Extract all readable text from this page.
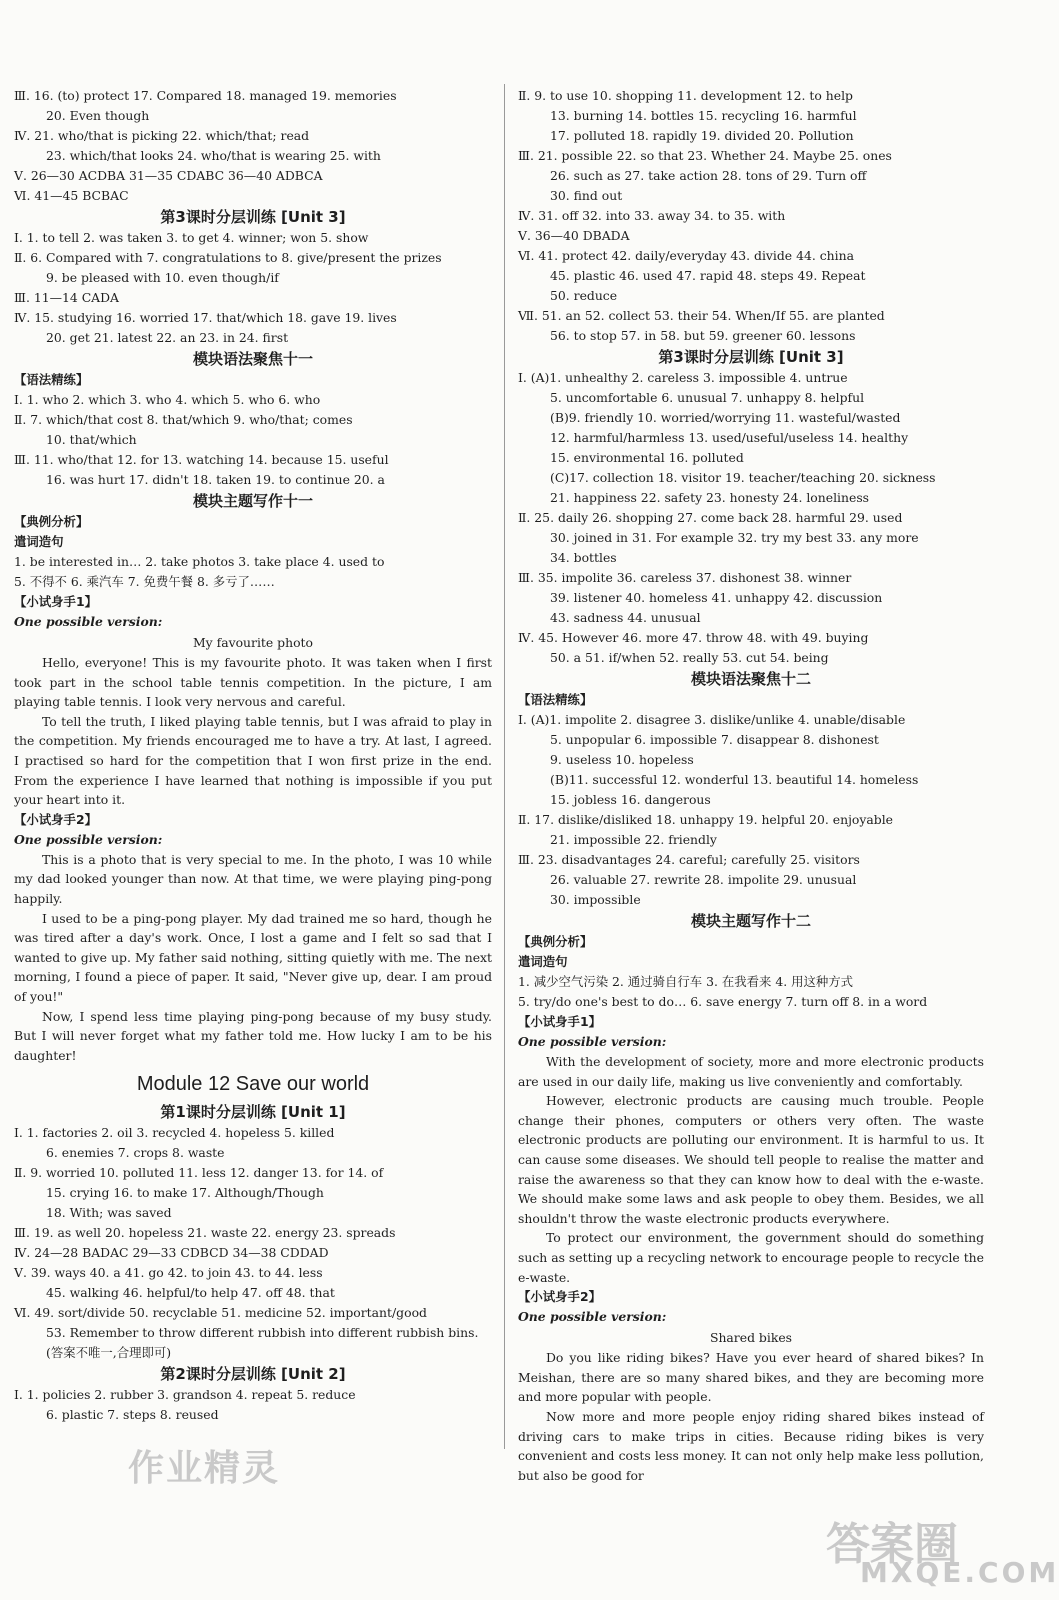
Ⅲ. 16. (to) protect 17. Compared 18. managed 19. memories
20. Even though
Ⅳ. 21. who/that is picking 22. which/that; read
23. which/that looks 24. who/that is wearing 25. with
Ⅴ. 26—30 ACDBA 31—35 CDABC 36—40 ADBCA
Ⅵ. 41—45 BCBAC
第3课时分层训练 [Unit 3]
Ⅰ. 1. to tell 2. was taken 3. to get 4. winner; won 5. show
Ⅱ. 6. Compared with 7. congratulations to 8. give/present the prizes
9. be pleased with 10. even though/if
Ⅲ. 11—14 CADA
Ⅳ. 15. studying 16. worried 17. that/which 18. gave 19. lives
20. get 21. latest 22. an 23. in 24. first
模块语法聚焦十一
【语法精练】
Ⅰ. 1. who 2. which 3. who 4. which 5. who 6. who
Ⅱ. 7. which/that cost 8. that/which 9. who/that; comes
10. that/which
Ⅲ. 11. who/that 12. for 13. watching 14. because 15. useful
16. was hurt 17. didn't 18. taken 19. to continue 20. a
模块主题写作十一
【典例分析】
遣词造句
1. be interested in… 2. take photos 3. take place 4. used to
5. 不得不 6. 乘汽车 7. 免费午餐 8. 多亏了……
【小试身手1】
One possible version:
My favourite photo
Hello, everyone! This is my favourite photo. It was taken when I first took part in the school table tennis competition. In the picture, I am playing table tennis. I look very nervous and careful.
To tell the truth, I liked playing table tennis, but I was afraid to play in the competition. My friends encouraged me to have a try. At last, I agreed. I practised so hard for the competition that I won first prize in the end. From the experience I have learned that nothing is impossible if you put your heart into it.
【小试身手2】
One possible version:
This is a photo that is very special to me. In the photo, I was 10 while my dad looked younger than now. At that time, we were playing ping-pong happily.
I used to be a ping-pong player. My dad trained me so hard, though he was tired after a day's work. Once, I lost a game and I felt so sad that I wanted to give up. My father said nothing, sitting quietly with me. The next morning, I found a piece of paper. It said, "Never give up, dear. I am proud of you!"
Now, I spend less time playing ping-pong because of my busy study. But I will never forget what my father told me. How lucky I am to be his daughter!
Module 12 Save our world
第1课时分层训练 [Unit 1]
Ⅰ. 1. factories 2. oil 3. recycled 4. hopeless 5. killed
6. enemies 7. crops 8. waste
Ⅱ. 9. worried 10. polluted 11. less 12. danger 13. for 14. of
15. crying 16. to make 17. Although/Though
18. With; was saved
Ⅲ. 19. as well 20. hopeless 21. waste 22. energy 23. spreads
Ⅳ. 24—28 BADAC 29—33 CDBCD 34—38 CDDAD
Ⅴ. 39. ways 40. a 41. go 42. to join 43. to 44. less
45. walking 46. helpful/to help 47. off 48. that
Ⅵ. 49. sort/divide 50. recyclable 51. medicine 52. important/good
53. Remember to throw different rubbish into different rubbish bins.
(答案不唯一,合理即可)
第2课时分层训练 [Unit 2]
Ⅰ. 1. policies 2. rubber 3. grandson 4. repeat 5. reduce
6. plastic 7. steps 8. reused
Ⅱ. 9. to use 10. shopping 11. development 12. to help
13. burning 14. bottles 15. recycling 16. harmful
17. polluted 18. rapidly 19. divided 20. Pollution
Ⅲ. 21. possible 22. so that 23. Whether 24. Maybe 25. ones
26. such as 27. take action 28. tons of 29. Turn off
30. find out
Ⅳ. 31. off 32. into 33. away 34. to 35. with
Ⅴ. 36—40 DBADA
Ⅵ. 41. protect 42. daily/everyday 43. divide 44. china
45. plastic 46. used 47. rapid 48. steps 49. Repeat
50. reduce
Ⅶ. 51. an 52. collect 53. their 54. When/If 55. are planted
56. to stop 57. in 58. but 59. greener 60. lessons
第3课时分层训练 [Unit 3]
Ⅰ. (A)1. unhealthy 2. careless 3. impossible 4. untrue
5. uncomfortable 6. unusual 7. unhappy 8. helpful
(B)9. friendly 10. worried/worrying 11. wasteful/wasted
12. harmful/harmless 13. used/useful/useless 14. healthy
15. environmental 16. polluted
(C)17. collection 18. visitor 19. teacher/teaching 20. sickness
21. happiness 22. safety 23. honesty 24. loneliness
Ⅱ. 25. daily 26. shopping 27. come back 28. harmful 29. used
30. joined in 31. For example 32. try my best 33. any more
34. bottles
Ⅲ. 35. impolite 36. careless 37. dishonest 38. winner
39. listener 40. homeless 41. unhappy 42. discussion
43. sadness 44. unusual
Ⅳ. 45. However 46. more 47. throw 48. with 49. buying
50. a 51. if/when 52. really 53. cut 54. being
模块语法聚焦十二
【语法精练】
Ⅰ. (A)1. impolite 2. disagree 3. dislike/unlike 4. unable/disable
5. unpopular 6. impossible 7. disappear 8. dishonest
9. useless 10. hopeless
(B)11. successful 12. wonderful 13. beautiful 14. homeless
15. jobless 16. dangerous
Ⅱ. 17. dislike/disliked 18. unhappy 19. helpful 20. enjoyable
21. impossible 22. friendly
Ⅲ. 23. disadvantages 24. careful; carefully 25. visitors
26. valuable 27. rewrite 28. impolite 29. unusual
30. impossible
模块主题写作十二
【典例分析】
遣词造句
1. 减少空气污染 2. 通过骑自行车 3. 在我看来 4. 用这种方式
5. try/do one's best to do… 6. save energy 7. turn off 8. in a word
【小试身手1】
One possible version:
With the development of society, more and more electronic products are used in our daily life, making us live conveniently and comfortably.
However, electronic products are causing much trouble. People change their phones, computers or others very often. The waste electronic products are polluting our environment. It is harmful to us. It can cause some diseases. We should tell people to realise the matter and raise the awareness so that they can know how to deal with the e-waste. We should make some laws and ask people to obey them. Besides, we all shouldn't throw the waste electronic products everywhere.
To protect our environment, the government should do something such as setting up a recycling network to encourage people to recycle the e-waste.
【小试身手2】
One possible version:
Shared bikes
Do you like riding bikes? Have you ever heard of shared bikes? In Meishan, there are so many shared bikes, and they are becoming more and more popular with people.
Now more and more people enjoy riding shared bikes instead of driving cars to make trips in cities. Because riding bikes is very convenient and costs less money. It can not only help make less pollution, but also be good for
作业精灵
答案圈
MXQE.COM
